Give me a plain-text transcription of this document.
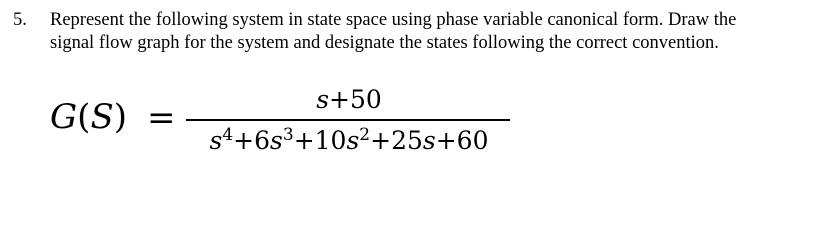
5. Represent the following system in state space using phase variable canonical form. Draw the
signal flow graph for the system and designate the states following the correct convention.
G(S) =	s+50
$s^4+6s^3+10s^2+25s+60$
